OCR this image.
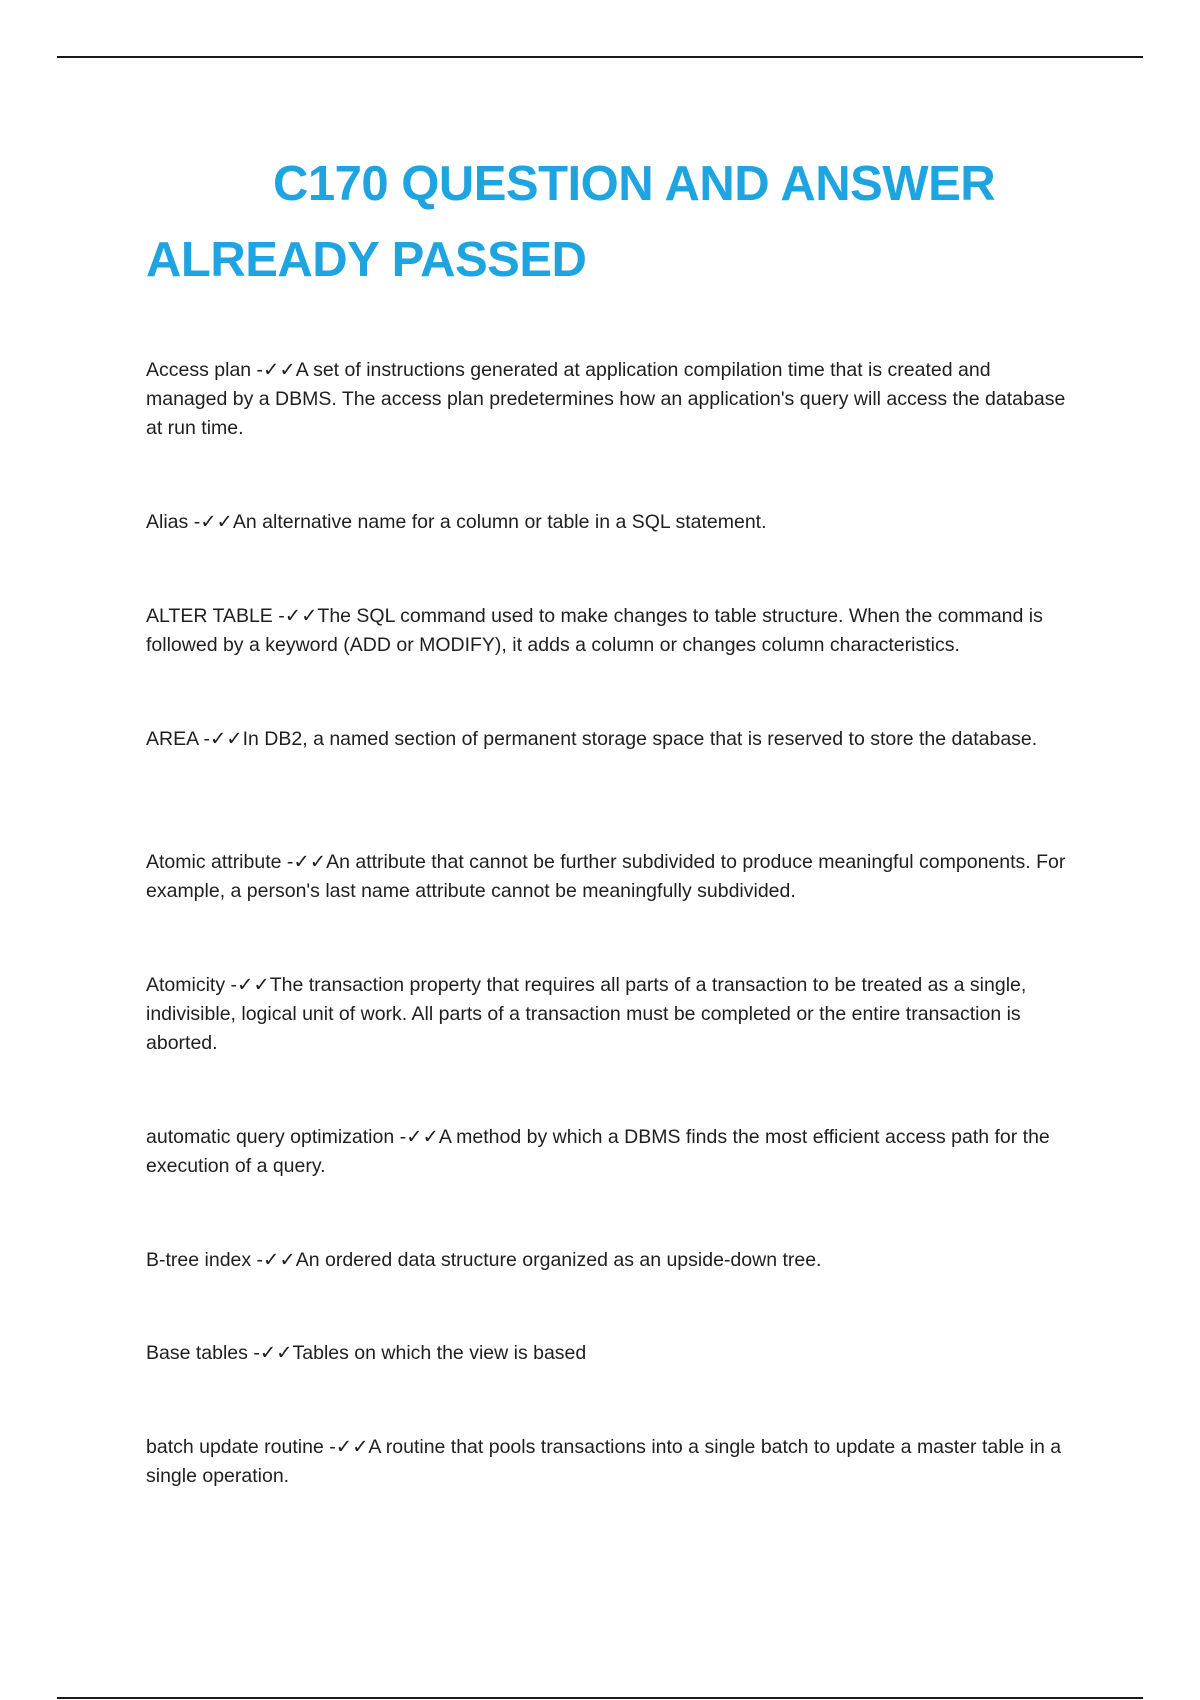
C170 QUESTION AND ANSWER
ALREADY PASSED

Access plan -✓✓A set of instructions generated at application compilation time that is created and managed by a DBMS. The access plan predetermines how an application's query will access the database at run time.

Alias -✓✓An alternative name for a column or table in a SQL statement.

ALTER TABLE -✓✓The SQL command used to make changes to table structure. When the command is followed by a keyword (ADD or MODIFY), it adds a column or changes column characteristics.

AREA -✓✓In DB2, a named section of permanent storage space that is reserved to store the database.

Atomic attribute -✓✓An attribute that cannot be further subdivided to produce meaningful components. For example, a person's last name attribute cannot be meaningfully subdivided.

Atomicity -✓✓The transaction property that requires all parts of a transaction to be treated as a single, indivisible, logical unit of work. All parts of a transaction must be completed or the entire transaction is aborted.

automatic query optimization -✓✓A method by which a DBMS finds the most efficient access path for the execution of a query.

B-tree index -✓✓An ordered data structure organized as an upside-down tree.

Base tables -✓✓Tables on which the view is based

batch update routine -✓✓A routine that pools transactions into a single batch to update a master table in a single operation.
